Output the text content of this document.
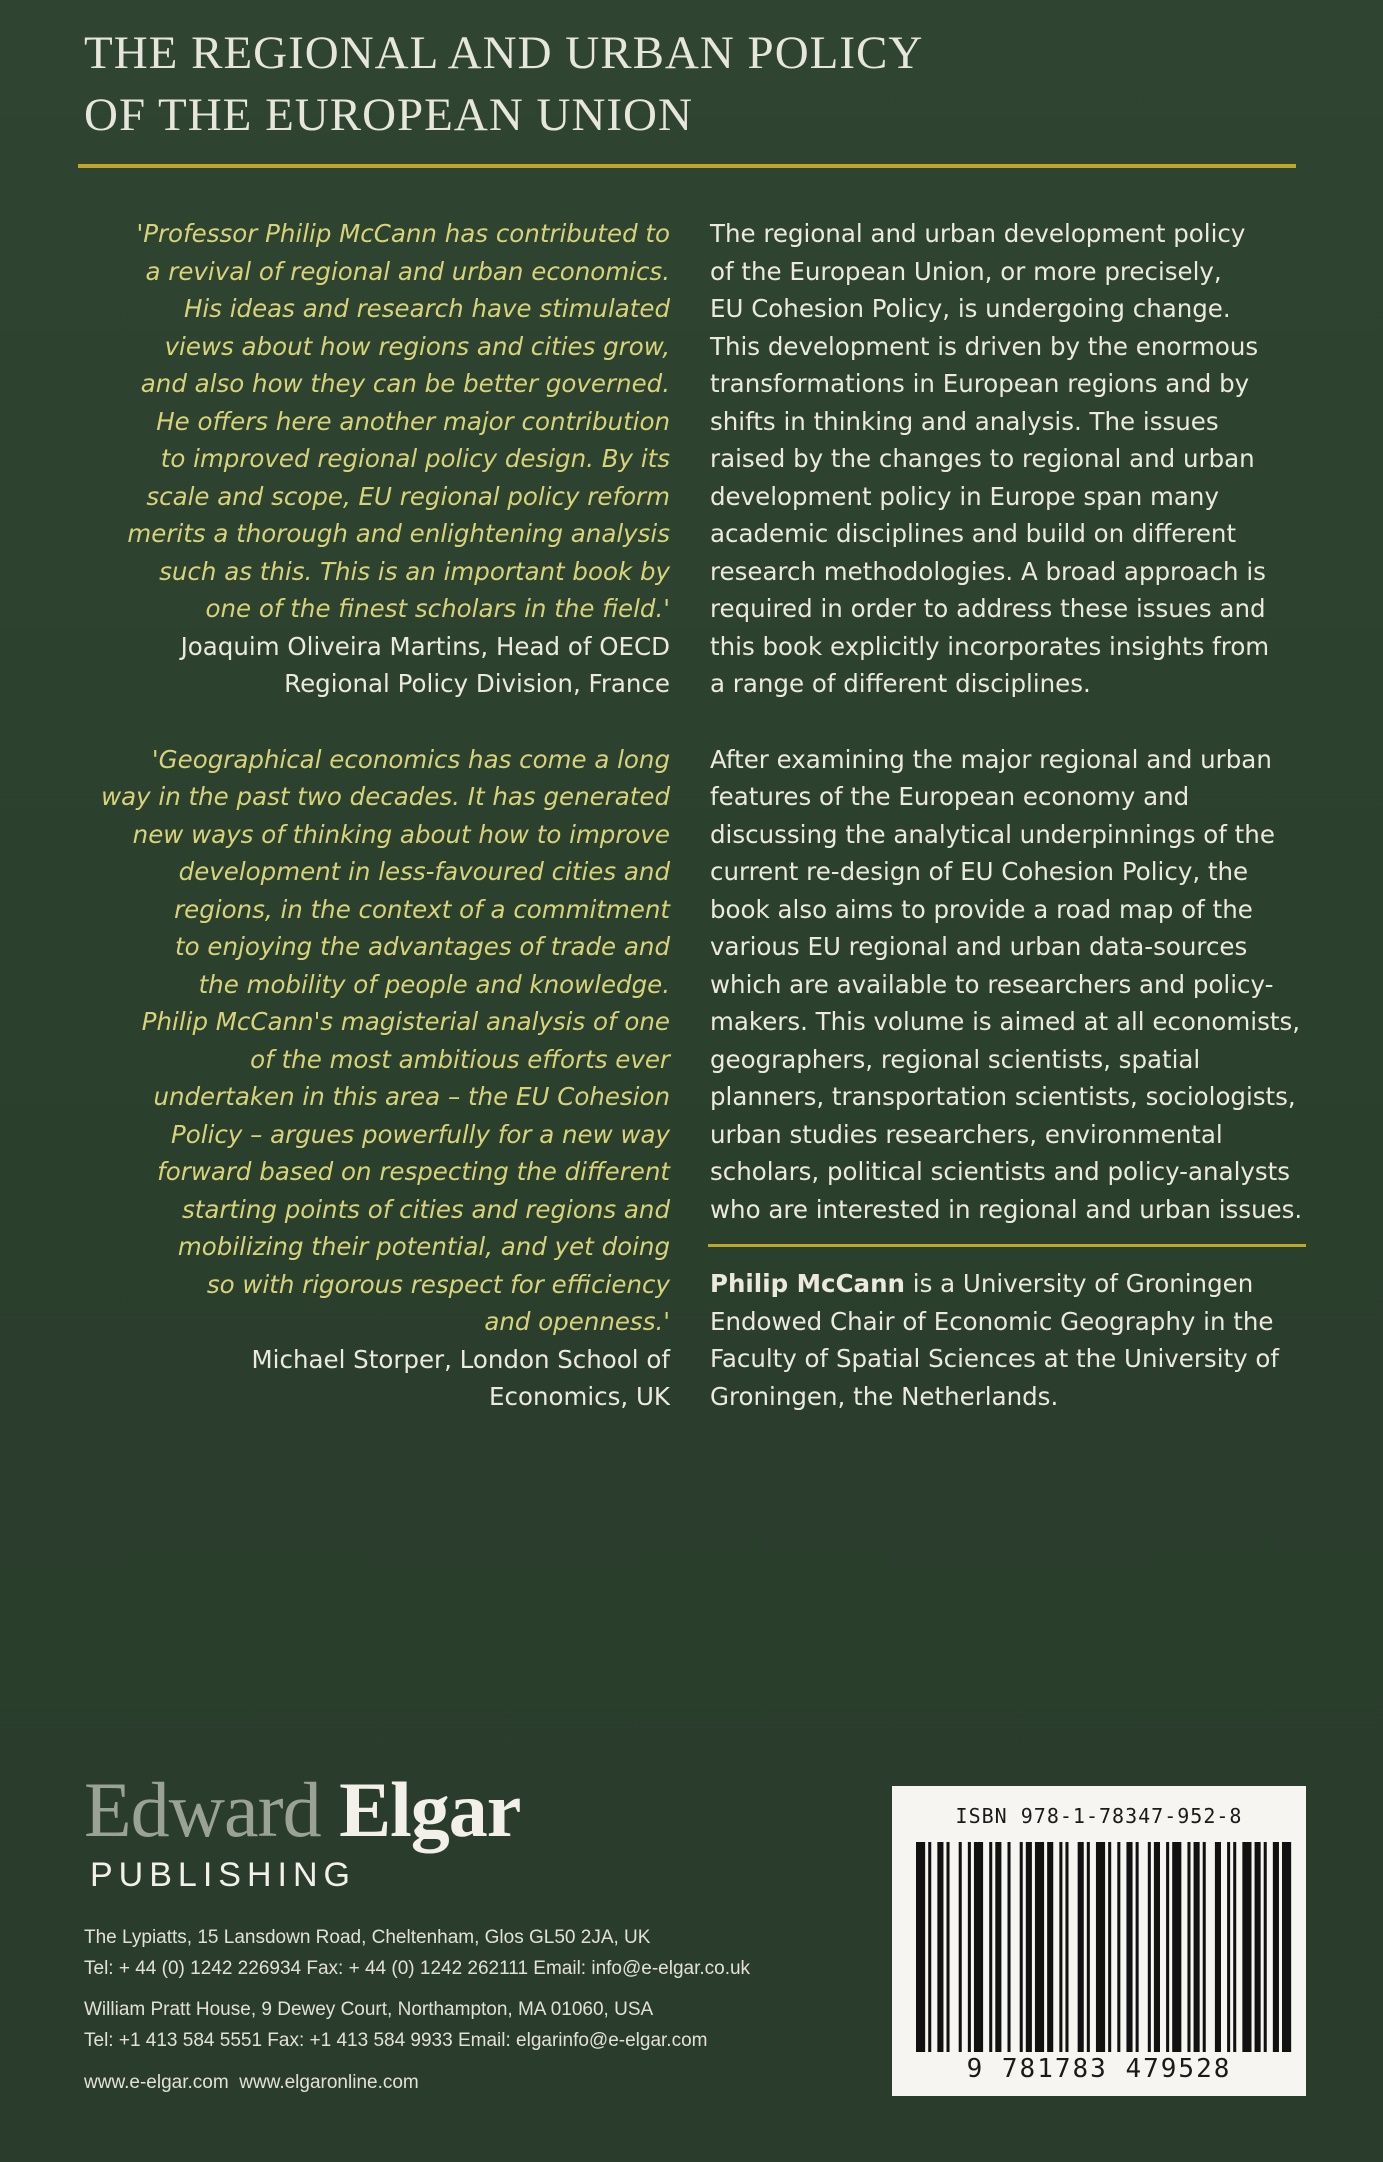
THE REGIONAL AND URBAN POLICY
OF THE EUROPEAN UNION
'Professor Philip McCann has contributed to
a revival of regional and urban economics.
His ideas and research have stimulated
views about how regions and cities grow,
and also how they can be better governed.
He offers here another major contribution
to improved regional policy design. By its
scale and scope, EU regional policy reform
merits a thorough and enlightening analysis
such as this. This is an important book by
one of the finest scholars in the field.'
Joaquim Oliveira Martins, Head of OECD
Regional Policy Division, France
'Geographical economics has come a long
way in the past two decades. It has generated
new ways of thinking about how to improve
development in less-favoured cities and
regions, in the context of a commitment
to enjoying the advantages of trade and
the mobility of people and knowledge.
Philip McCann's magisterial analysis of one
of the most ambitious efforts ever
undertaken in this area – the EU Cohesion
Policy – argues powerfully for a new way
forward based on respecting the different
starting points of cities and regions and
mobilizing their potential, and yet doing
so with rigorous respect for efficiency
and openness.'
Michael Storper, London School of
Economics, UK
The regional and urban development policy
of the European Union, or more precisely,
EU Cohesion Policy, is undergoing change.
This development is driven by the enormous
transformations in European regions and by
shifts in thinking and analysis. The issues
raised by the changes to regional and urban
development policy in Europe span many
academic disciplines and build on different
research methodologies. A broad approach is
required in order to address these issues and
this book explicitly incorporates insights from
a range of different disciplines.
After examining the major regional and urban
features of the European economy and
discussing the analytical underpinnings of the
current re-design of EU Cohesion Policy, the
book also aims to provide a road map of the
various EU regional and urban data-sources
which are available to researchers and policy-
makers. This volume is aimed at all economists,
geographers, regional scientists, spatial
planners, transportation scientists, sociologists,
urban studies researchers, environmental
scholars, political scientists and policy-analysts
who are interested in regional and urban issues.
Philip McCann is a University of Groningen
Endowed Chair of Economic Geography in the
Faculty of Spatial Sciences at the University of
Groningen, the Netherlands.
Edward Elgar
PUBLISHING
The Lypiatts, 15 Lansdown Road, Cheltenham, Glos GL50 2JA, UK
Tel: + 44 (0) 1242 226934 Fax: + 44 (0) 1242 262111 Email: info@e-elgar.co.uk
William Pratt House, 9 Dewey Court, Northampton, MA 01060, USA
Tel: +1 413 584 5551 Fax: +1 413 584 9933 Email: elgarinfo@e-elgar.com
www.e-elgar.com  www.elgaronline.com
ISBN 978-1-78347-952-8
9 781783 479528
